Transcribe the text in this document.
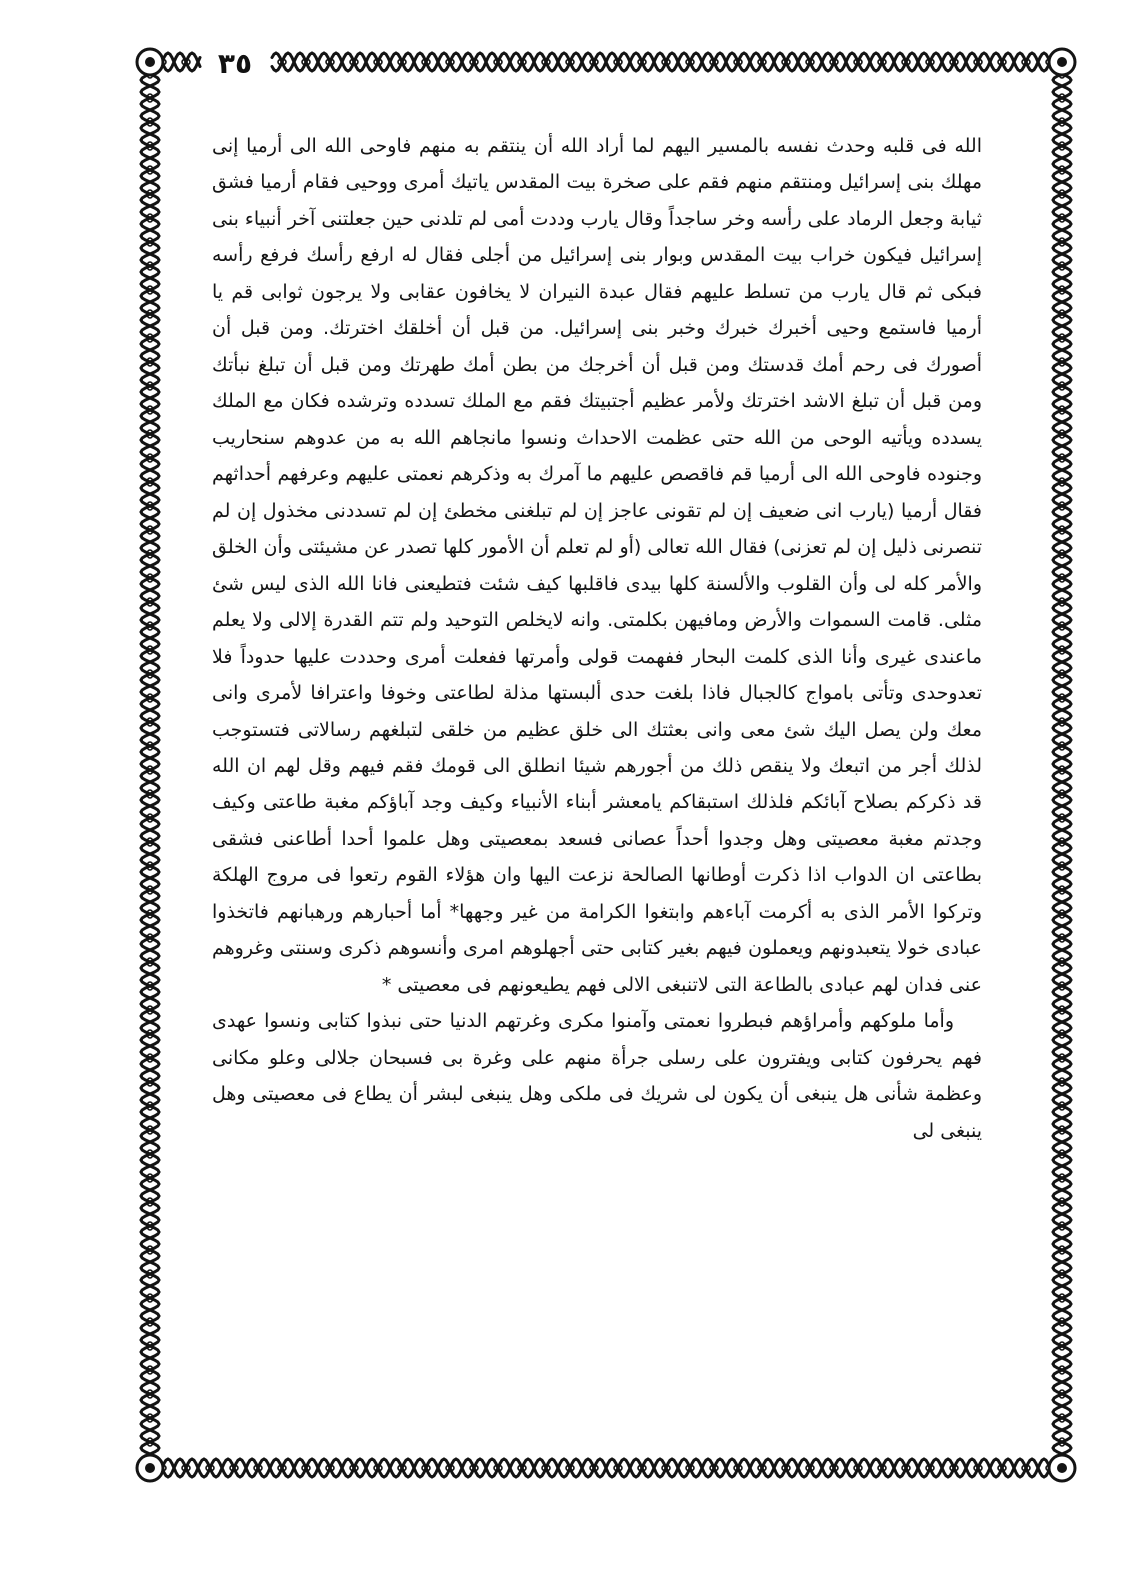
٣٥

الله فى قلبه وحدث نفسه بالمسير اليهم لما أراد الله أن ينتقم به منهم فاوحى الله الى أرميا إنى مهلك بنى إسرائيل ومنتقم منهم فقم على صخرة بيت المقدس ياتيك أمرى ووحيى فقام أرميا فشق ثيابة وجعل الرماد على رأسه وخر ساجداً وقال يارب وددت أمى لم تلدنى حين جعلتنى آخر أنبياء بنى إسرائيل فيكون خراب بيت المقدس وبوار بنى إسرائيل من أجلى فقال له ارفع رأسك فرفع رأسه فبكى ثم قال يارب من تسلط عليهم فقال عبدة النيران لا يخافون عقابى ولا يرجون ثوابى قم يا أرميا فاستمع وحيى أخبرك خبرك وخبر بنى إسرائيل. من قبل أن أخلقك اخترتك. ومن قبل أن أصورك فى رحم أمك قدستك ومن قبل أن أخرجك من بطن أمك طهرتك ومن قبل أن تبلغ نبأتك ومن قبل أن تبلغ الاشد اخترتك ولأمر عظيم أجتبيتك فقم مع الملك تسدده وترشده فكان مع الملك يسدده ويأتيه الوحى من الله حتى عظمت الاحداث ونسوا مانجاهم الله به من عدوهم سنحاريب وجنوده فاوحى الله الى أرميا قم فاقصص عليهم ما آمرك به وذكرهم نعمتى عليهم وعرفهم أحداثهم فقال أرميا (يارب انى ضعيف إن لم تقونى عاجز إن لم تبلغنى مخطئ إن لم تسددنى مخذول إن لم تنصرنى ذليل إن لم تعزنى) فقال الله تعالى (أو لم تعلم أن الأمور كلها تصدر عن مشيئتى وأن الخلق والأمر كله لى وأن القلوب والألسنة كلها بيدى فاقلبها كيف شئت فتطيعنى فانا الله الذى ليس شئ مثلى. قامت السموات والأرض ومافيهن بكلمتى. وانه لايخلص التوحيد ولم تتم القدرة إلالى ولا يعلم ماعندى غيرى وأنا الذى كلمت البحار ففهمت قولى وأمرتها ففعلت أمرى وحددت عليها حدوداً فلا تعدوحدى وتأتى بامواج كالجبال فاذا بلغت حدى ألبستها مذلة لطاعتى وخوفا واعترافا لأمرى وانى معك ولن يصل اليك شئ معى وانى بعثتك الى خلق عظيم من خلقى لتبلغهم رسالاتى فتستوجب لذلك أجر من اتبعك ولا ينقص ذلك من أجورهم شيئا انطلق الى قومك فقم فيهم وقل لهم ان الله قد ذكركم بصلاح آبائكم فلذلك استبقاكم يامعشر أبناء الأنبياء وكيف وجد آباؤكم مغبة طاعتى وكيف وجدتم مغبة معصيتى وهل وجدوا أحداً عصانى فسعد بمعصيتى وهل علموا أحدا أطاعنى فشقى بطاعتى ان الدواب اذا ذكرت أوطانها الصالحة نزعت اليها وان هؤلاء القوم رتعوا فى مروج الهلكة وتركوا الأمر الذى به أكرمت آباءهم وابتغوا الكرامة من غير وجهها* أما أحبارهم ورهبانهم فاتخذوا عبادى خولا يتعبدونهم ويعملون فيهم بغير كتابى حتى أجهلوهم امرى وأنسوهم ذكرى وسنتى وغروهم عنى فدان لهم عبادى بالطاعة التى لاتنبغى الالى فهم يطيعونهم فى معصيتى *

وأما ملوكهم وأمراؤهم فبطروا نعمتى وآمنوا مكرى وغرتهم الدنيا حتى نبذوا كتابى ونسوا عهدى فهم يحرفون كتابى ويفترون على رسلى جرأة منهم على وغرة بى فسبحان جلالى وعلو مكانى وعظمة شأنى هل ينبغى أن يكون لى شريك فى ملكى وهل ينبغى لبشر أن يطاع فى معصيتى وهل ينبغى لى
